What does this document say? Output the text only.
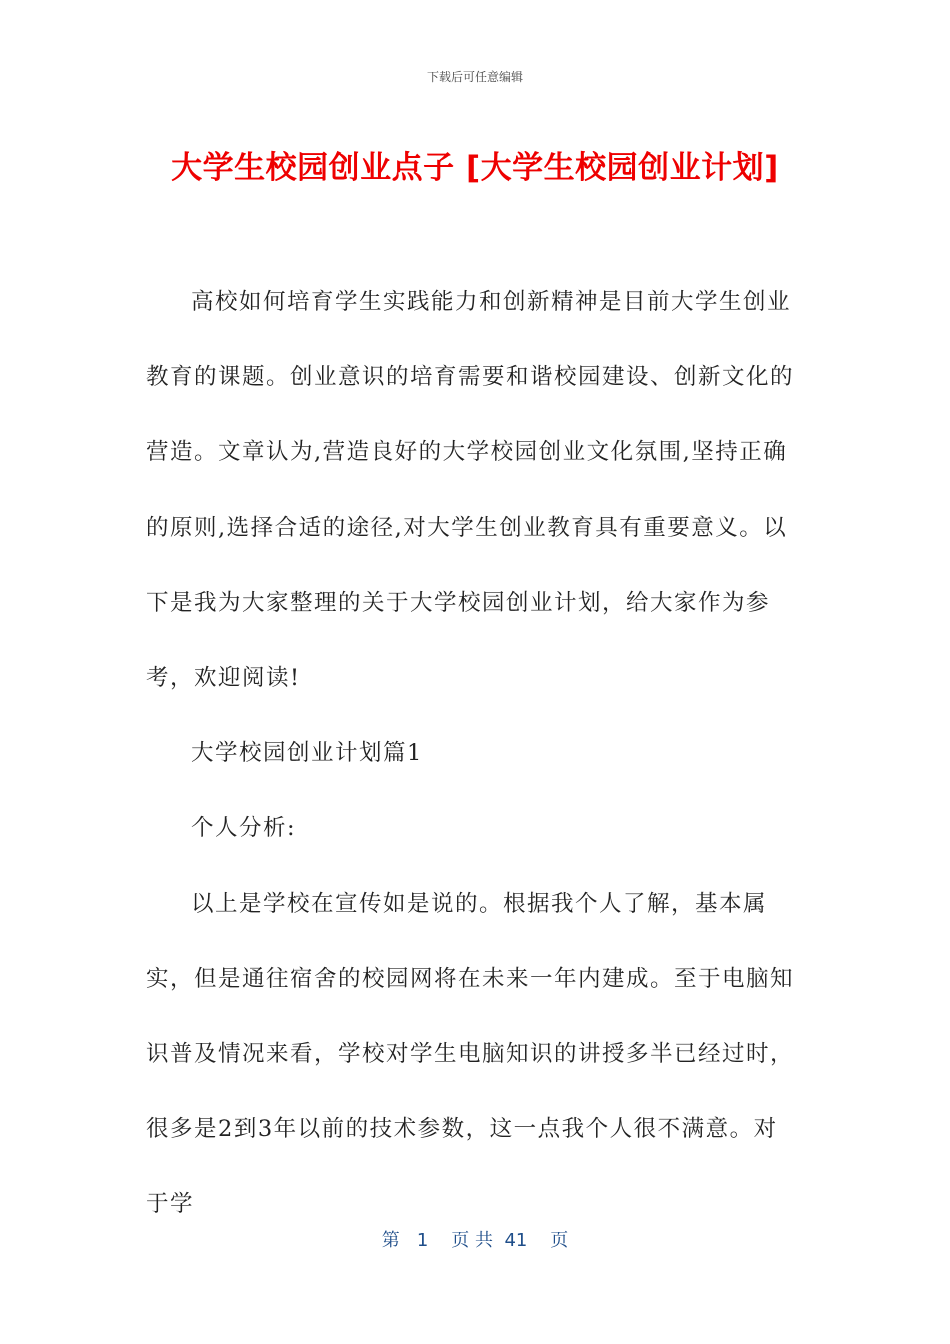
下载后可任意编辑
大学生校园创业点子 [大学生校园创业计划]

高校如何培育学生实践能力和创新精神是目前大学生创业教育的课题。创业意识的培育需要和谐校园建设、创新文化的营造。文章认为,营造良好的大学校园创业文化氛围,坚持正确的原则,选择合适的途径,对大学生创业教育具有重要意义。以下是我为大家整理的关于大学校园创业计划，给大家作为参考，欢迎阅读!

大学校园创业计划篇1

个人分析:

以上是学校在宣传如是说的。根据我个人了解，基本属实，但是通往宿舍的校园网将在未来一年内建成。至于电脑知识普及情况来看，学校对学生电脑知识的讲授多半已经过时，很多是2到3年以前的技术参数，这一点我个人很不满意。对于学

第 1 页 共 41 页
